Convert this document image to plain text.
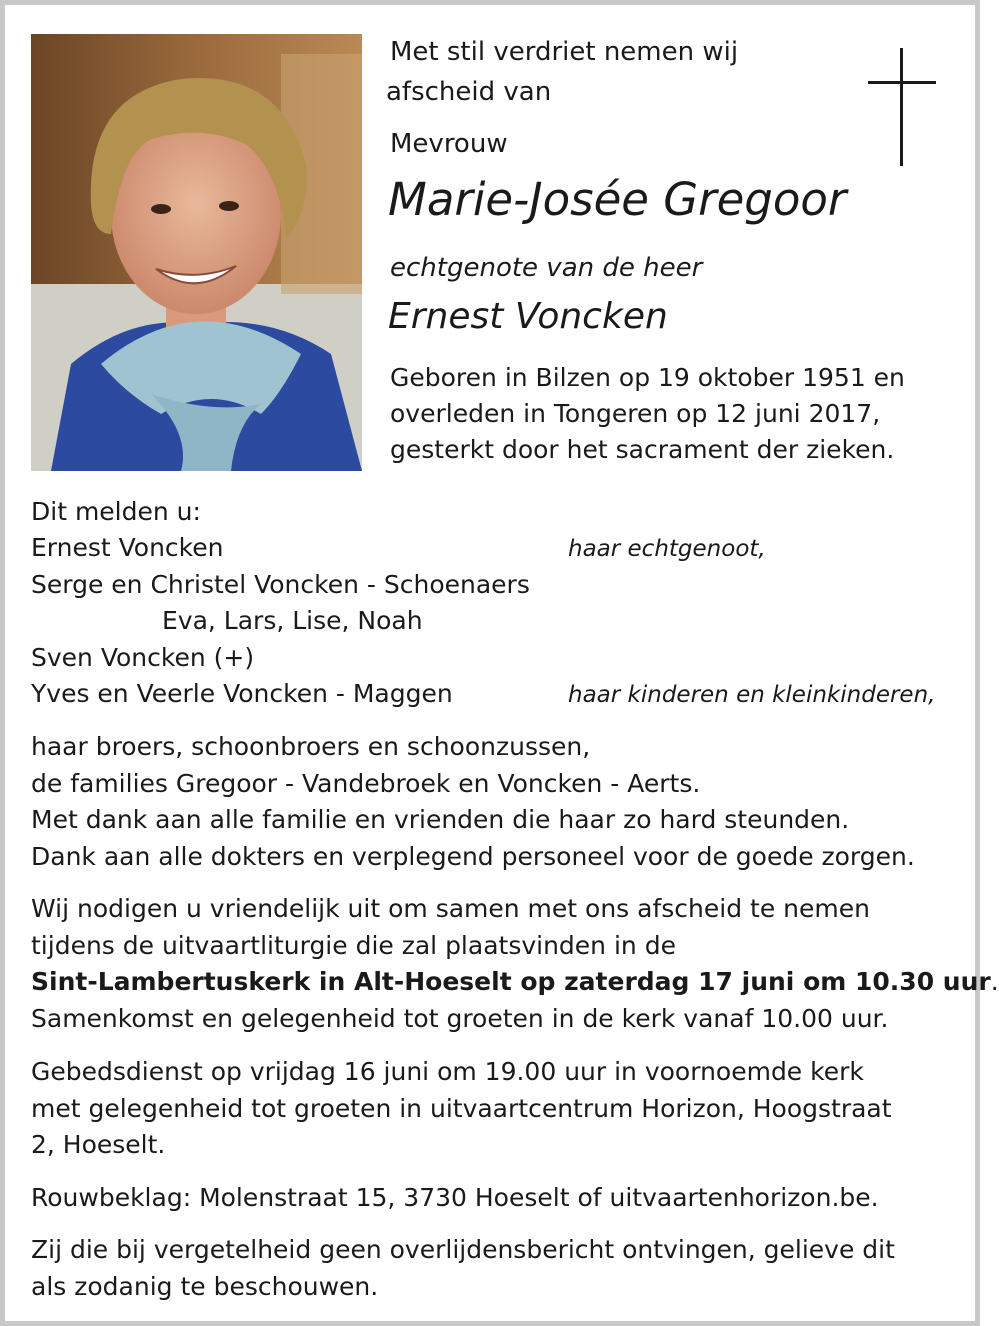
Met stil verdriet nemen wij
afscheid van
Mevrouw
Marie-Josée Gregoor
echtgenote van de heer
Ernest Voncken
Geboren in Bilzen op 19 oktober 1951 en
overleden in Tongeren op 12 juni 2017,
gesterkt door het sacrament der zieken.
Dit melden u:
Ernest Voncken	haar echtgenoot,
Serge en Christel Voncken - Schoenaers
Eva, Lars, Lise, Noah
Sven Voncken (+)
Yves en Veerle Voncken - Maggen	haar kinderen en kleinkinderen,
haar broers, schoonbroers en schoonzussen,
de families Gregoor - Vandebroek en Voncken - Aerts.
Met dank aan alle familie en vrienden die haar zo hard steunden.
Dank aan alle dokters en verplegend personeel voor de goede zorgen.
Wij nodigen u vriendelijk uit om samen met ons afscheid te nemen
tijdens de uitvaartliturgie die zal plaatsvinden in de
Sint-Lambertuskerk in Alt-Hoeselt op zaterdag 17 juni om 10.30 uur.
Samenkomst en gelegenheid tot groeten in de kerk vanaf 10.00 uur.
Gebedsdienst op vrijdag 16 juni om 19.00 uur in voornoemde kerk
met gelegenheid tot groeten in uitvaartcentrum Horizon, Hoogstraat
2, Hoeselt.
Rouwbeklag: Molenstraat 15, 3730 Hoeselt of uitvaartenhorizon.be.
Zij die bij vergetelheid geen overlijdensbericht ontvingen, gelieve dit
als zodanig te beschouwen.
